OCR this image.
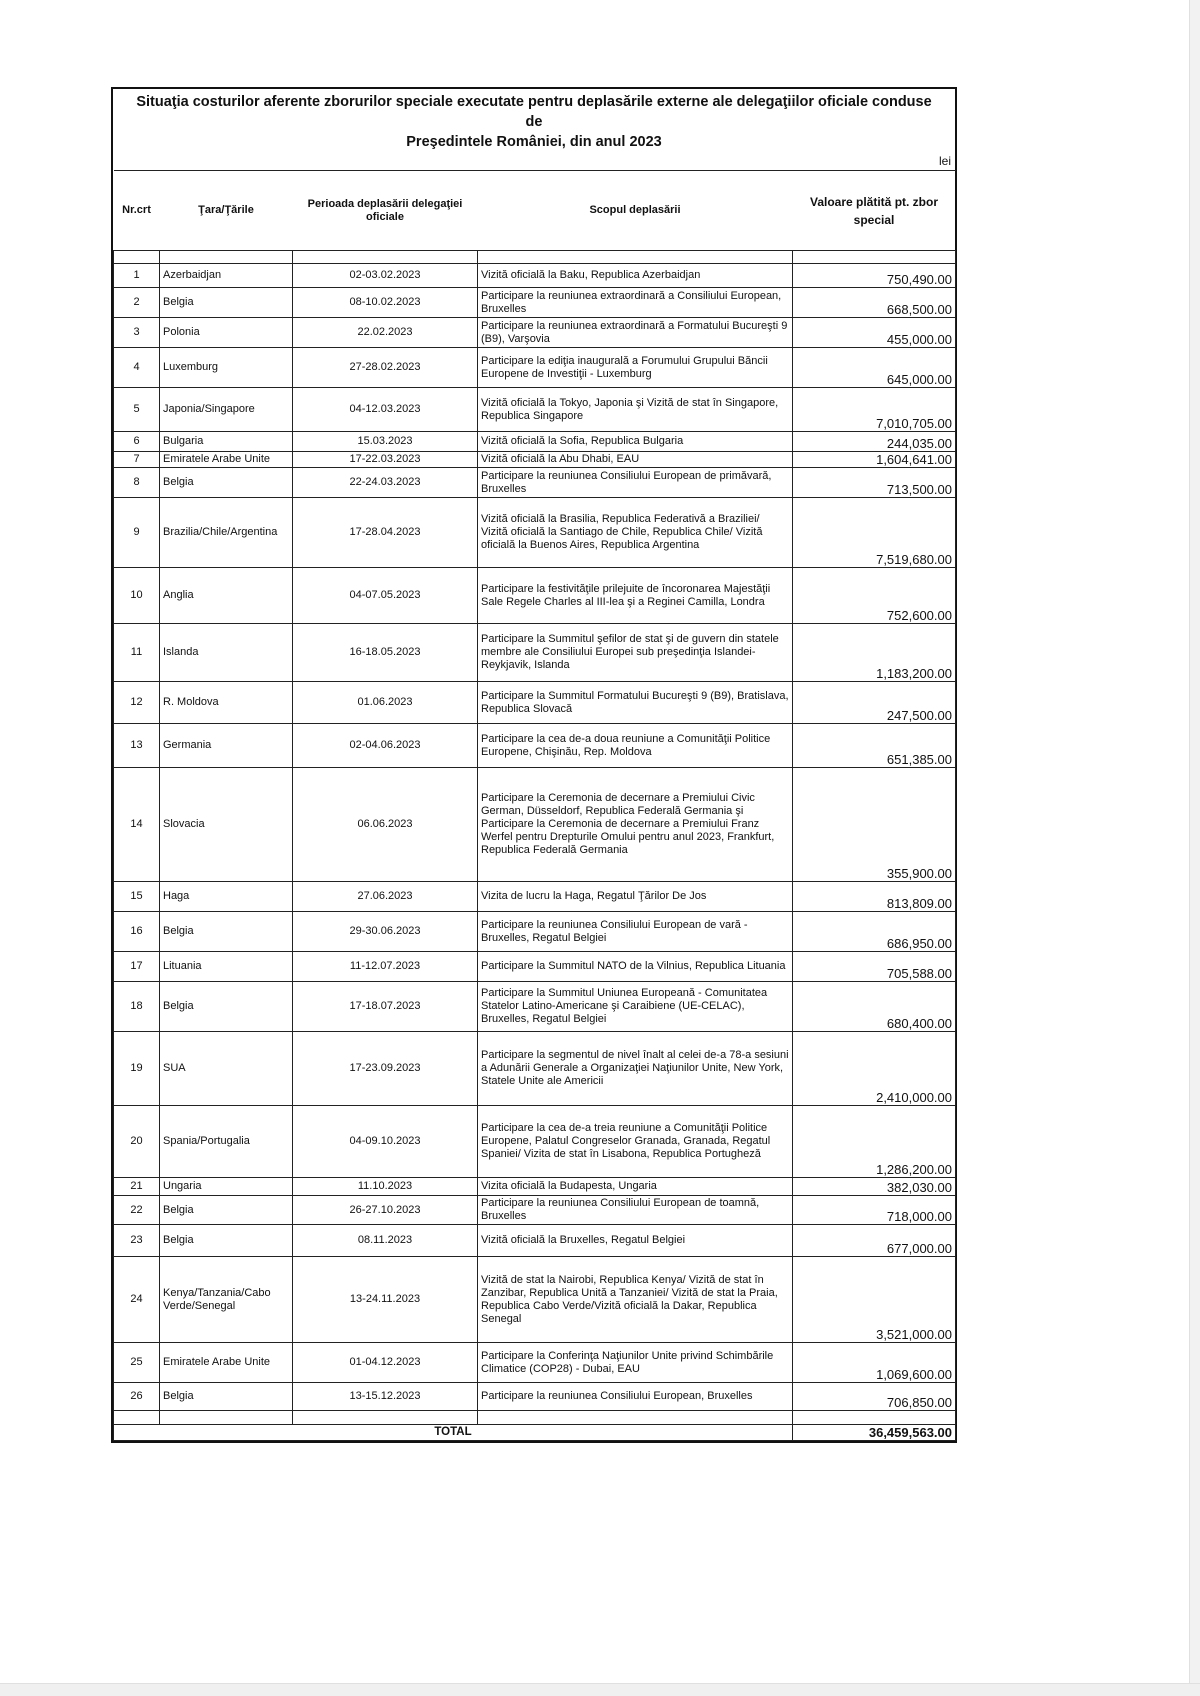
Situaţia costurilor aferente zborurilor speciale executate pentru deplasările externe ale delegaţiilor oficiale conduse de
Preşedintele României, din anul 2023
lei
Nr.crt	Ţara/Ţările	Perioada deplasării delegaţiei oficiale	Scopul deplasării	Valoare plătită pt. zbor special

1	Azerbaidjan	02-03.02.2023	Vizită oficială la Baku, Republica Azerbaidjan	750,490.00
2	Belgia	08-10.02.2023	Participare la reuniunea extraordinară a Consiliului European, Bruxelles	668,500.00
3	Polonia	22.02.2023	Participare la reuniunea extraordinară a Formatului Bucureşti 9 (B9), Varşovia	455,000.00
4	Luxemburg	27-28.02.2023	Participare la ediţia inaugurală a Forumului Grupului Băncii Europene de Investiţii - Luxemburg	645,000.00
5	Japonia/Singapore	04-12.03.2023	Vizită oficială la Tokyo, Japonia şi Vizită de stat în Singapore, Republica Singapore	7,010,705.00
6	Bulgaria	15.03.2023	Vizită oficială la Sofia, Republica Bulgaria	244,035.00
7	Emiratele Arabe Unite	17-22.03.2023	Vizită oficială la Abu Dhabi, EAU	1,604,641.00
8	Belgia	22-24.03.2023	Participare la reuniunea Consiliului European de primăvară, Bruxelles	713,500.00
9	Brazilia/Chile/Argentina	17-28.04.2023	Vizită oficială la Brasilia, Republica Federativă a Braziliei/ Vizită oficială la Santiago de Chile, Republica Chile/ Vizită oficială la Buenos Aires, Republica Argentina	7,519,680.00
10	Anglia	04-07.05.2023	Participare la festivităţile prilejuite de încoronarea Majestăţii Sale Regele Charles al III-lea şi a Reginei Camilla, Londra	752,600.00
11	Islanda	16-18.05.2023	Participare la Summitul şefilor de stat şi de guvern din statele membre ale Consiliului Europei sub preşedinţia Islandei- Reykjavik, Islanda	1,183,200.00
12	R. Moldova	01.06.2023	Participare la Summitul Formatului Bucureşti 9 (B9), Bratislava, Republica Slovacă	247,500.00
13	Germania	02-04.06.2023	Participare la cea de-a doua reuniune a Comunităţii Politice Europene, Chişinău, Rep. Moldova	651,385.00
14	Slovacia	06.06.2023	Participare la Ceremonia de decernare a Premiului Civic German, Düsseldorf, Republica Federală Germania şi Participare la Ceremonia de decernare a Premiului Franz Werfel pentru Drepturile Omului pentru anul 2023, Frankfurt, Republica Federală Germania	355,900.00
15	Haga	27.06.2023	Vizita de lucru la Haga, Regatul Ţărilor De Jos	813,809.00
16	Belgia	29-30.06.2023	Participare la reuniunea Consiliului European de vară - Bruxelles, Regatul Belgiei	686,950.00
17	Lituania	11-12.07.2023	Participare la Summitul NATO de la Vilnius, Republica Lituania	705,588.00
18	Belgia	17-18.07.2023	Participare la Summitul Uniunea Europeană - Comunitatea Statelor Latino-Americane şi Caraibiene (UE-CELAC), Bruxelles, Regatul Belgiei	680,400.00
19	SUA	17-23.09.2023	Participare la segmentul de nivel înalt al celei de-a 78-a sesiuni a Adunării Generale a Organizaţiei Naţiunilor Unite, New York, Statele Unite ale Americii	2,410,000.00
20	Spania/Portugalia	04-09.10.2023	Participare la cea de-a treia reuniune a Comunităţii Politice Europene, Palatul Congreselor Granada, Granada, Regatul Spaniei/ Vizita de stat în Lisabona, Republica Portugheză	1,286,200.00
21	Ungaria	11.10.2023	Vizita oficială la Budapesta, Ungaria	382,030.00
22	Belgia	26-27.10.2023	Participare la reuniunea Consiliului European de toamnă, Bruxelles	718,000.00
23	Belgia	08.11.2023	Vizită oficială la Bruxelles, Regatul Belgiei	677,000.00
24	Kenya/Tanzania/Cabo Verde/Senegal	13-24.11.2023	Vizită de stat la Nairobi, Republica Kenya/ Vizită de stat în Zanzibar, Republica Unită a Tanzaniei/ Vizită de stat la Praia, Republica Cabo Verde/Vizită oficială la Dakar, Republica Senegal	3,521,000.00
25	Emiratele Arabe Unite	01-04.12.2023	Participare la Conferinţa Naţiunilor Unite privind Schimbările Climatice (COP28) - Dubai, EAU	1,069,600.00
26	Belgia	13-15.12.2023	Participare la reuniunea Consiliului European, Bruxelles	706,850.00

TOTAL				36,459,563.00
